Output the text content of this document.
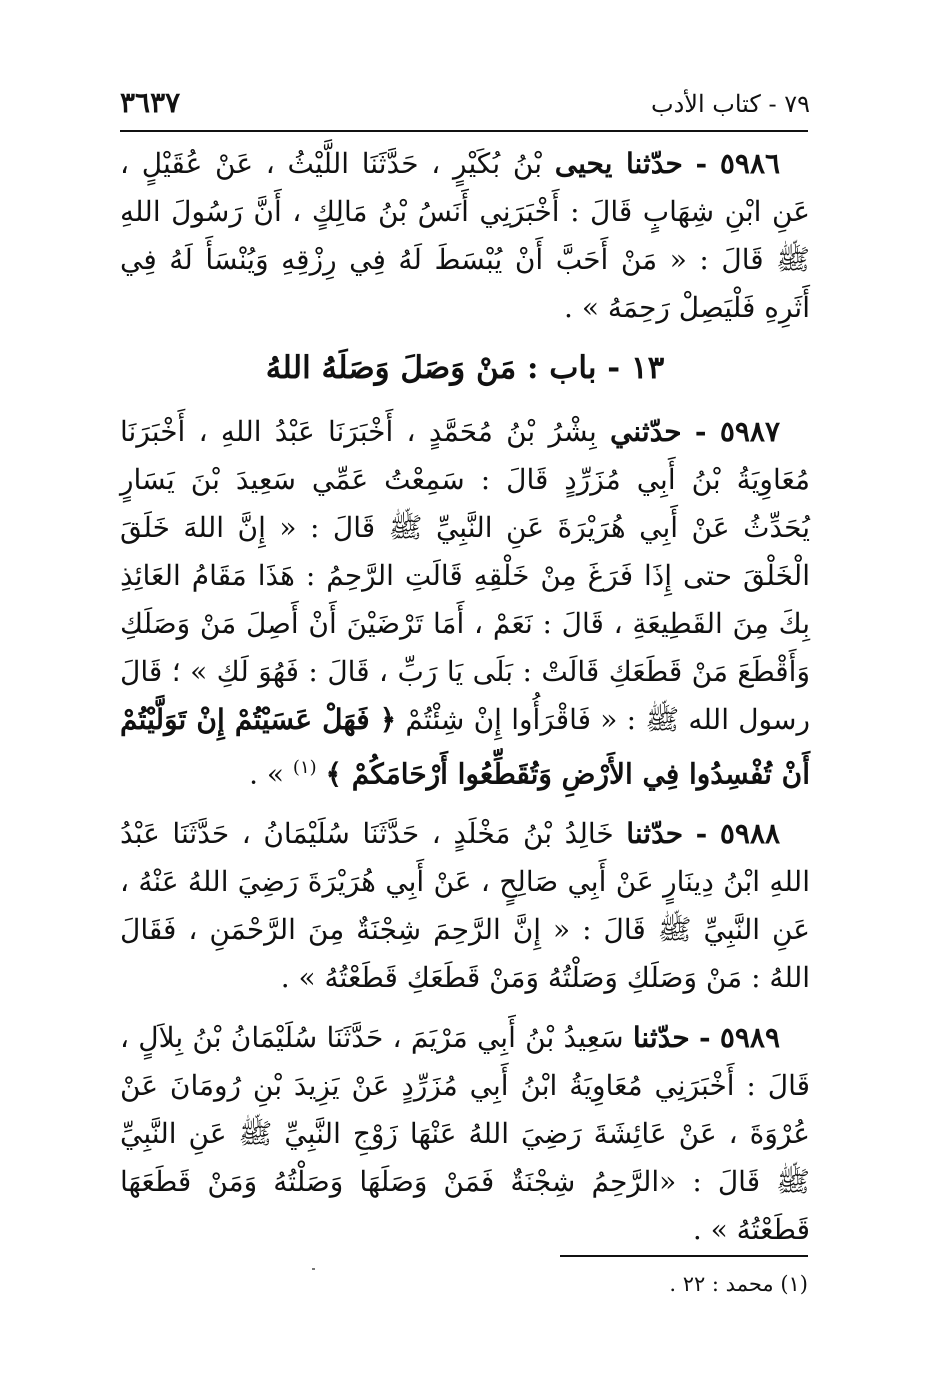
٧٩ - كتاب الأدب
٣٦٣٧

٥٩٨٦ - حدّثنا يحيى بْنُ بُكَيْرٍ ، حَدَّثَنَا اللَّيْثُ ، عَنْ عُقَيْلٍ ، عَنِ ابْنِ شِهَابٍ قَالَ : أَخْبَرَنِي أَنَسُ بْنُ مَالِكٍ ، أَنَّ رَسُولَ اللهِ ﷺ قَالَ : « مَنْ أَحَبَّ أَنْ يُبْسَطَ لَهُ فِي رِزْقِهِ وَيُنْسَأَ لَهُ فِي أَثَرِهِ فَلْيَصِلْ رَحِمَهُ » .

١٣ - باب : مَنْ وَصَلَ وَصَلَهُ اللهُ

٥٩٨٧ - حدّثني بِشْرُ بْنُ مُحَمَّدٍ ، أَخْبَرَنَا عَبْدُ اللهِ ، أَخْبَرَنَا مُعَاوِيَةُ بْنُ أَبِي مُزَرِّدٍ قَالَ : سَمِعْتُ عَمِّي سَعِيدَ بْنَ يَسَارٍ يُحَدِّثُ عَنْ أَبِي هُرَيْرَةَ عَنِ النَّبِيِّ ﷺ قَالَ : « إِنَّ اللهَ خَلَقَ الْخَلْقَ حتى إِذَا فَرَغَ مِنْ خَلْقِهِ قَالَتِ الرَّحِمُ : هَذَا مَقَامُ العَائِذِ بِكَ مِنَ القَطِيعَةِ ، قَالَ : نَعَمْ ، أَمَا تَرْضَيْنَ أَنْ أَصِلَ مَنْ وَصَلَكِ وَأَقْطَعَ مَنْ قَطَعَكِ قَالَتْ : بَلَى يَا رَبِّ ، قَالَ : فَهُوَ لَكِ » ؛ قَالَ رسول الله ﷺ : « فَاقْرَأُوا إِنْ شِئْتُمْ ﴿ فَهَلْ عَسَيْتُمْ إِنْ تَوَلَّيْتُمْ أَنْ تُفْسِدُوا فِي الأَرْضِ وَتُقَطِّعُوا أَرْحَامَكُمْ ﴾ $^{(١)}$ » .

٥٩٨٨ - حدّثنا خَالِدُ بْنُ مَخْلَدٍ ، حَدَّثَنَا سُلَيْمَانُ ، حَدَّثَنَا عَبْدُ اللهِ ابْنُ دِينَارٍ عَنْ أَبِي صَالِحٍ ، عَنْ أَبِي هُرَيْرَةَ رَضِيَ اللهُ عَنْهُ ، عَنِ النَّبِيِّ ﷺ قَالَ : « إِنَّ الرَّحِمَ شِجْنَةٌ مِنَ الرَّحْمَنِ ، فَقَالَ اللهُ : مَنْ وَصَلَكِ وَصَلْتُهُ وَمَنْ قَطَعَكِ قَطَعْتُهُ » .

٥٩٨٩ - حدّثنا سَعِيدُ بْنُ أَبِي مَرْيَمَ ، حَدَّثَنَا سُلَيْمَانُ بْنُ بِلاَلٍ ، قَالَ : أَخْبَرَنِي مُعَاوِيَةُ ابْنُ أَبِي مُزَرِّدٍ عَنْ يَزِيدَ بْنِ رُومَانَ عَنْ عُرْوَةَ ، عَنْ عَائِشَةَ رَضِيَ اللهُ عَنْهَا زَوْجِ النَّبِيِّ ﷺ عَنِ النَّبِيِّ ﷺ قَالَ : «الرَّحِمُ شِجْنَةٌ فَمَنْ وَصَلَهَا وَصَلْتُهُ وَمَنْ قَطَعَهَا قَطَعْتُهُ » .

(١) محمد : ٢٢ .
